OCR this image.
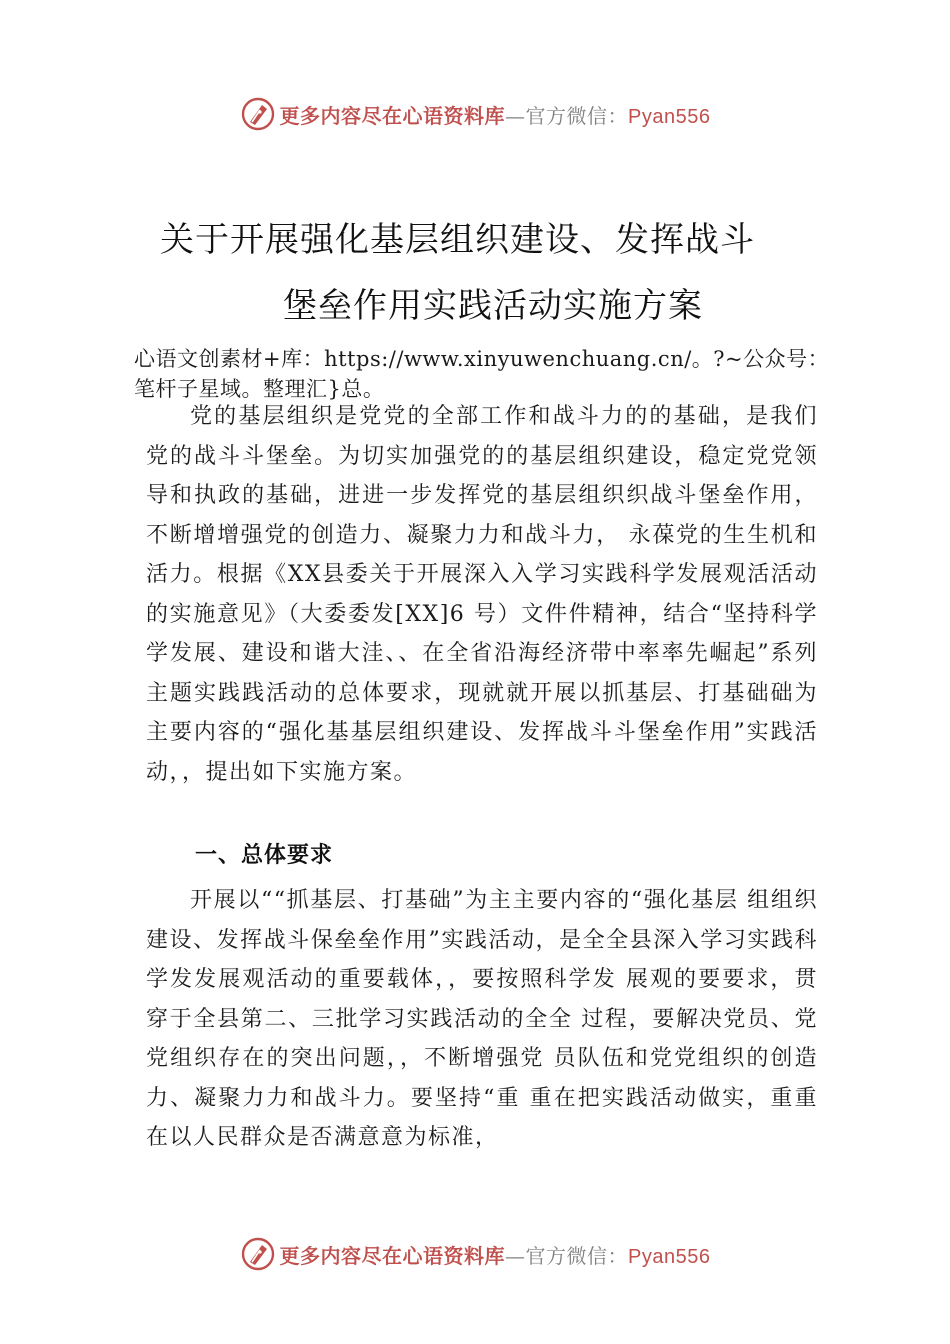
更多内容尽在心语资料库—官方微信：Pyan556
关于开展强化基层组织建设、发挥战斗
堡垒作用实践活动实施方案
心语文创素材+库：https://www.xinyuwenchuang.cn/。?~公众号：笔杆子星域。整理汇}总。

党的基层组织是党党的全部工作和战斗力的的基础，是我们党的战斗斗堡垒。为切实加强党的的基层组织建设，稳定党党领导和执政的基础，进进一步发挥党的基层组织织战斗堡垒作用，不断增增强党的创造力、凝聚力力和战斗力， 永葆党的生生机和活力。根据《XX县委关于开展深入入学习实践科学发展观活活动的实施意见》（大委委发[XX]6 号）文件件精神，结合“坚持科学学发展、建设和谐大洼、、在全省沿海经济带中率率先崛起”系列主题实践践活动的总体要求，现就就开展以抓基层、打基础础为主要内容的“强化基基层组织建设、发挥战斗斗堡垒作用”实践活动，，提出如下实施方案。

一、总体要求

开展以““抓基层、打基础”为主主要内容的“强化基层 组组织建设、发挥战斗保垒垒作用”实践活动，是全全县深入学习实践科学发发展观活动的重要载体，，要按照科学发 展观的要要求，贯穿于全县第二、三批学习实践活动的全全 过程，要解决党员、党党组织存在的突出问题，，不断增强党 员队伍和党党组织的创造力、凝聚力力和战斗力。要坚持“重 重在把实践活动做实，重重在以人民群众是否满意意为标准，

更多内容尽在心语资料库—官方微信：Pyan556
